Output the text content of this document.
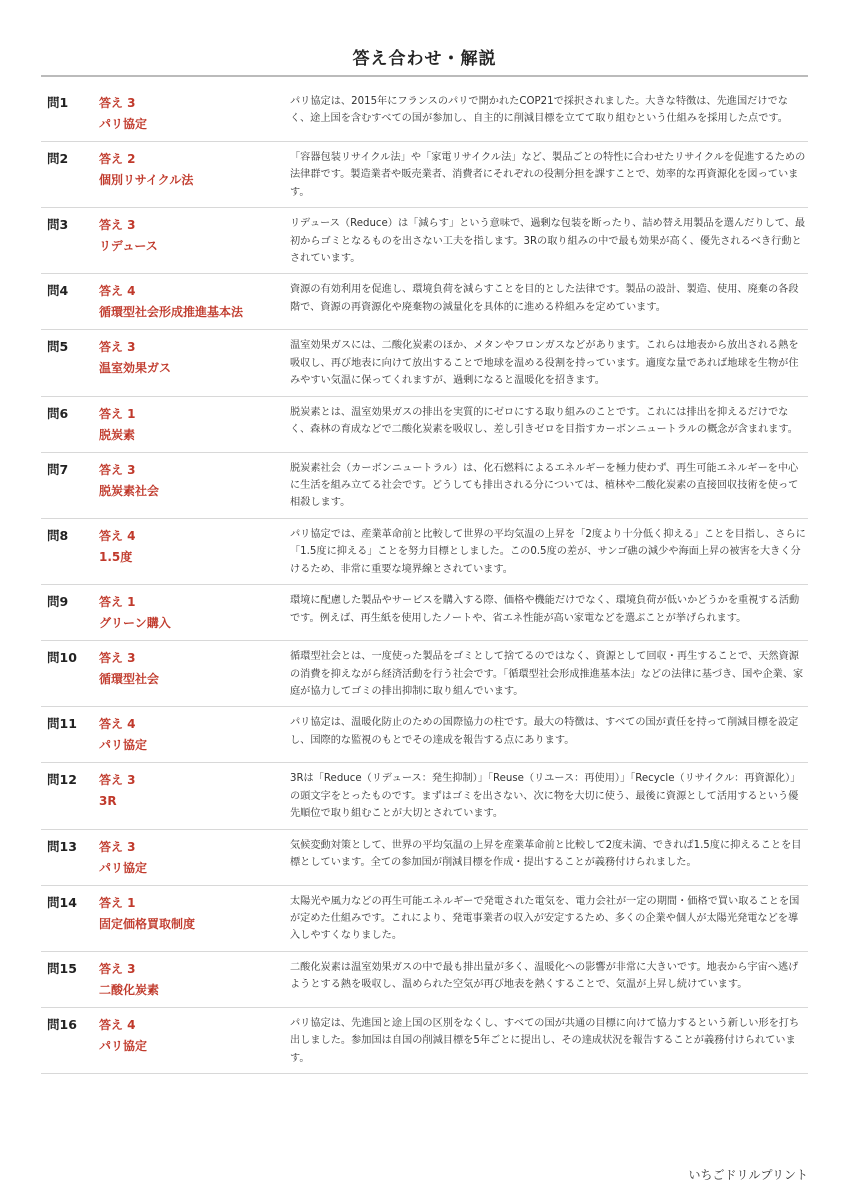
答え合わせ・解説
問1	答え 3
パリ協定
パリ協定は、2015年にフランスのパリで開かれたCOP21で採択されました。大きな特徴は、先進国だけでなく、途上国を含むすべての国が参加し、自主的に削減目標を立てて取り組むという仕組みを採用した点です。
問2	答え 2
個別リサイクル法
「容器包装リサイクル法」や「家電リサイクル法」など、製品ごとの特性に合わせたリサイクルを促進するための法律群です。製造業者や販売業者、消費者にそれぞれの役割分担を課すことで、効率的な再資源化を図っています。
問3	答え 3
リデュース
リデュース（Reduce）は「減らす」という意味で、過剰な包装を断ったり、詰め替え用製品を選んだりして、最初からゴミとなるものを出さない工夫を指します。3Rの取り組みの中で最も効果が高く、優先されるべき行動とされています。
問4	答え 4
循環型社会形成推進基本法
資源の有効利用を促進し、環境負荷を減らすことを目的とした法律です。製品の設計、製造、使用、廃棄の各段階で、資源の再資源化や廃棄物の減量化を具体的に進める枠組みを定めています。
問5	答え 3
温室効果ガス
温室効果ガスには、二酸化炭素のほか、メタンやフロンガスなどがあります。これらは地表から放出される熱を吸収し、再び地表に向けて放出することで地球を温める役割を持っています。適度な量であれば地球を生物が住みやすい気温に保ってくれますが、過剰になると温暖化を招きます。
問6	答え 1
脱炭素
脱炭素とは、温室効果ガスの排出を実質的にゼロにする取り組みのことです。これには排出を抑えるだけでなく、森林の育成などで二酸化炭素を吸収し、差し引きゼロを目指すカーボンニュートラルの概念が含まれます。
問7	答え 3
脱炭素社会
脱炭素社会（カーボンニュートラル）は、化石燃料によるエネルギーを極力使わず、再生可能エネルギーを中心に生活を組み立てる社会です。どうしても排出される分については、植林や二酸化炭素の直接回収技術を使って相殺します。
問8	答え 4
1.5度
パリ協定では、産業革命前と比較して世界の平均気温の上昇を「2度より十分低く抑える」ことを目指し、さらに「1.5度に抑える」ことを努力目標としました。この0.5度の差が、サンゴ礁の減少や海面上昇の被害を大きく分けるため、非常に重要な境界線とされています。
問9	答え 1
グリーン購入
環境に配慮した製品やサービスを購入する際、価格や機能だけでなく、環境負荷が低いかどうかを重視する活動です。例えば、再生紙を使用したノートや、省エネ性能が高い家電などを選ぶことが挙げられます。
問10	答え 3
循環型社会
循環型社会とは、一度使った製品をゴミとして捨てるのではなく、資源として回収・再生することで、天然資源の消費を抑えながら経済活動を行う社会です。「循環型社会形成推進基本法」などの法律に基づき、国や企業、家庭が協力してゴミの排出抑制に取り組んでいます。
問11	答え 4
パリ協定
パリ協定は、温暖化防止のための国際協力の柱です。最大の特徴は、すべての国が責任を持って削減目標を設定し、国際的な監視のもとでその達成を報告する点にあります。
問12	答え 3
3R
3Rは「Reduce（リデュース：発生抑制）」「Reuse（リユース：再使用）」「Recycle（リサイクル：再資源化）」の頭文字をとったものです。まずはゴミを出さない、次に物を大切に使う、最後に資源として活用するという優先順位で取り組むことが大切とされています。
問13	答え 3
パリ協定
気候変動対策として、世界の平均気温の上昇を産業革命前と比較して2度未満、できれば1.5度に抑えることを目標としています。全ての参加国が削減目標を作成・提出することが義務付けられました。
問14	答え 1
固定価格買取制度
太陽光や風力などの再生可能エネルギーで発電された電気を、電力会社が一定の期間・価格で買い取ることを国が定めた仕組みです。これにより、発電事業者の収入が安定するため、多くの企業や個人が太陽光発電などを導入しやすくなりました。
問15	答え 3
二酸化炭素
二酸化炭素は温室効果ガスの中で最も排出量が多く、温暖化への影響が非常に大きいです。地表から宇宙へ逃げようとする熱を吸収し、温められた空気が再び地表を熱くすることで、気温が上昇し続けています。
問16	答え 4
パリ協定
パリ協定は、先進国と途上国の区別をなくし、すべての国が共通の目標に向けて協力するという新しい形を打ち出しました。参加国は自国の削減目標を5年ごとに提出し、その達成状況を報告することが義務付けられています。
いちごドリルプリント
